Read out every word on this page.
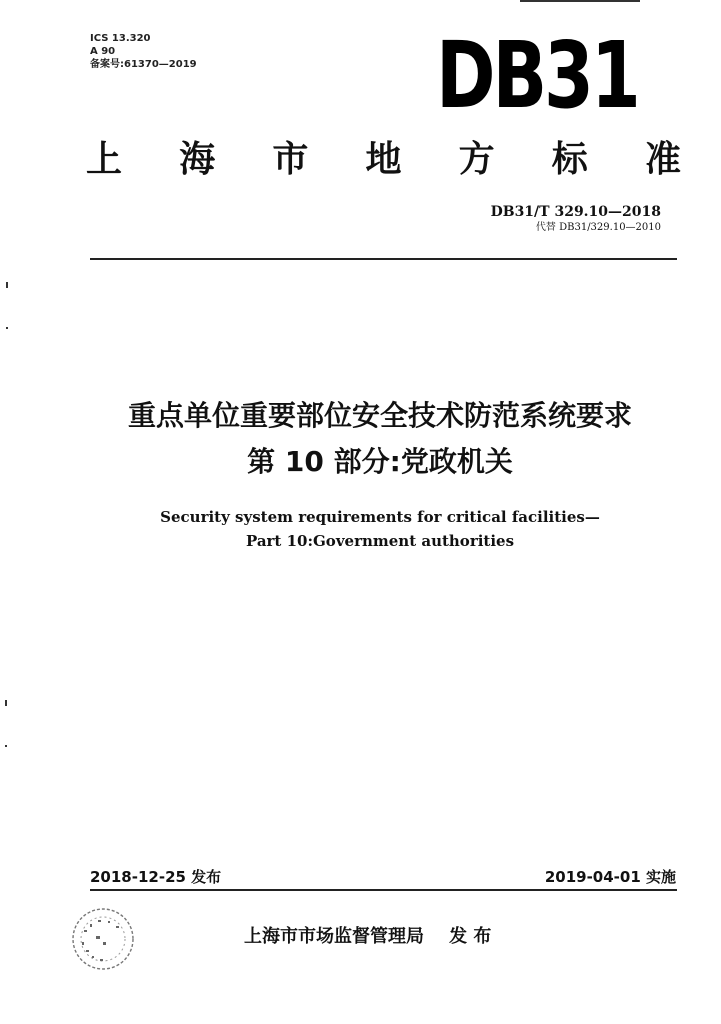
ICS 13.320
A 90
备案号:61370—2019	DB31
上 海 市 地 方 标 准
DB31/T 329.10—2018
代替 DB31/329.10—2010
重点单位重要部位安全技术防范系统要求
第 10 部分:党政机关
Security system requirements for critical facilities—
Part 10:Government authorities
2018-12-25 发布	2019-04-01 实施
上海市市场监督管理局    发 布
